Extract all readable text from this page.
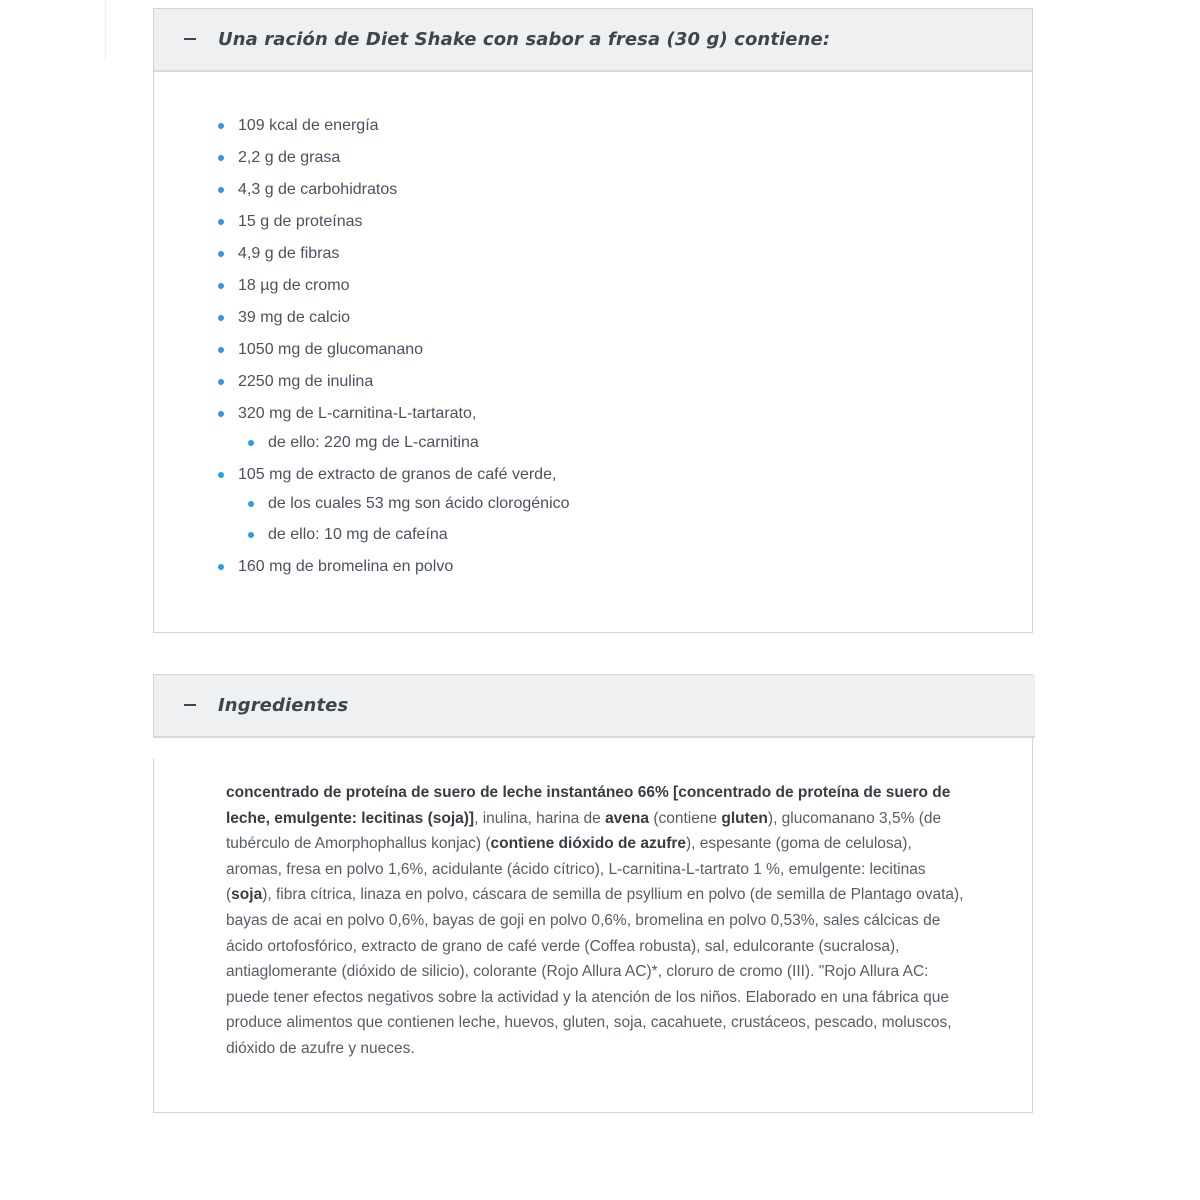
Una ración de Diet Shake con sabor a fresa (30 g) contiene:
109 kcal de energía
2,2 g de grasa
4,3 g de carbohidratos
15 g de proteínas
4,9 g de fibras
18 µg de cromo
39 mg de calcio
1050 mg de glucomanano
2250 mg de inulina
320 mg de L-carnitina-L-tartarato,
de ello: 220 mg de L-carnitina
105 mg de extracto de granos de café verde,
de los cuales 53 mg son ácido clorogénico
de ello: 10 mg de cafeína
160 mg de bromelina en polvo
Ingredientes

concentrado de proteína de suero de leche instantáneo 66% [concentrado de proteína de suero de leche, emulgente: lecitinas (soja)], inulina, harina de avena (contiene gluten), glucomanano 3,5% (de tubérculo de Amorphophallus konjac) (contiene dióxido de azufre), espesante (goma de celulosa), aromas, fresa en polvo 1,6%, acidulante (ácido cítrico), L-carnitina-L-tartrato 1 %, emulgente: lecitinas (soja), fibra cítrica, linaza en polvo, cáscara de semilla de psyllium en polvo (de semilla de Plantago ovata), bayas de acai en polvo 0,6%, bayas de goji en polvo 0,6%, bromelina en polvo 0,53%, sales cálcicas de ácido ortofosfórico, extracto de grano de café verde (Coffea robusta), sal, edulcorante (sucralosa), antiaglomerante (dióxido de silicio), colorante (Rojo Allura AC)*, cloruro de cromo (III). "Rojo Allura AC: puede tener efectos negativos sobre la actividad y la atención de los niños. Elaborado en una fábrica que produce alimentos que contienen leche, huevos, gluten, soja, cacahuete, crustáceos, pescado, moluscos, dióxido de azufre y nueces.
